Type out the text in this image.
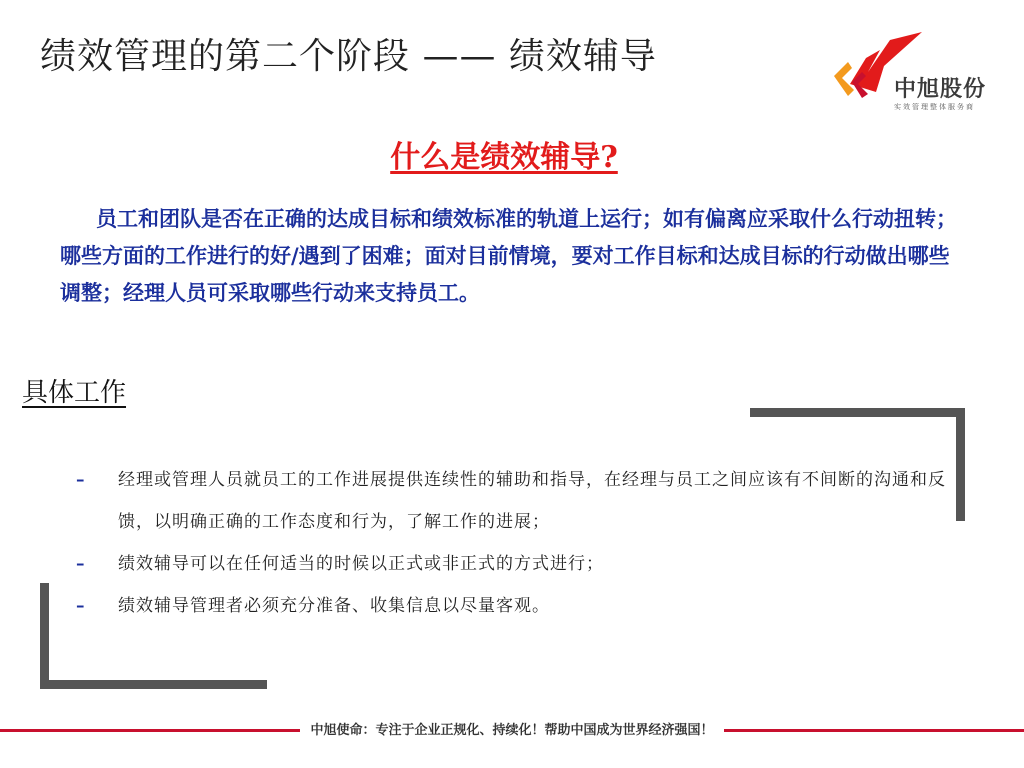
绩效管理的第二个阶段 —— 绩效辅导
中旭股份
实效管理整体服务商
什么是绩效辅导?

员工和团队是否在正确的达成目标和绩效标准的轨道上运行；如有偏离应采取什么行动扭转；哪些方面的工作进行的好/遇到了困难；面对目前情境，要对工作目标和达成目标的行动做出哪些调整；经理人员可采取哪些行动来支持员工。

具体工作
– 经理或管理人员就员工的工作进展提供连续性的辅助和指导，在经理与员工之间应该有不间断的沟通和反馈，以明确正确的工作态度和行为，了解工作的进展；
– 绩效辅导可以在任何适当的时候以正式或非正式的方式进行；
– 绩效辅导管理者必须充分准备、收集信息以尽量客观。
中旭使命：专注于企业正规化、持续化！帮助中国成为世界经济强国！
